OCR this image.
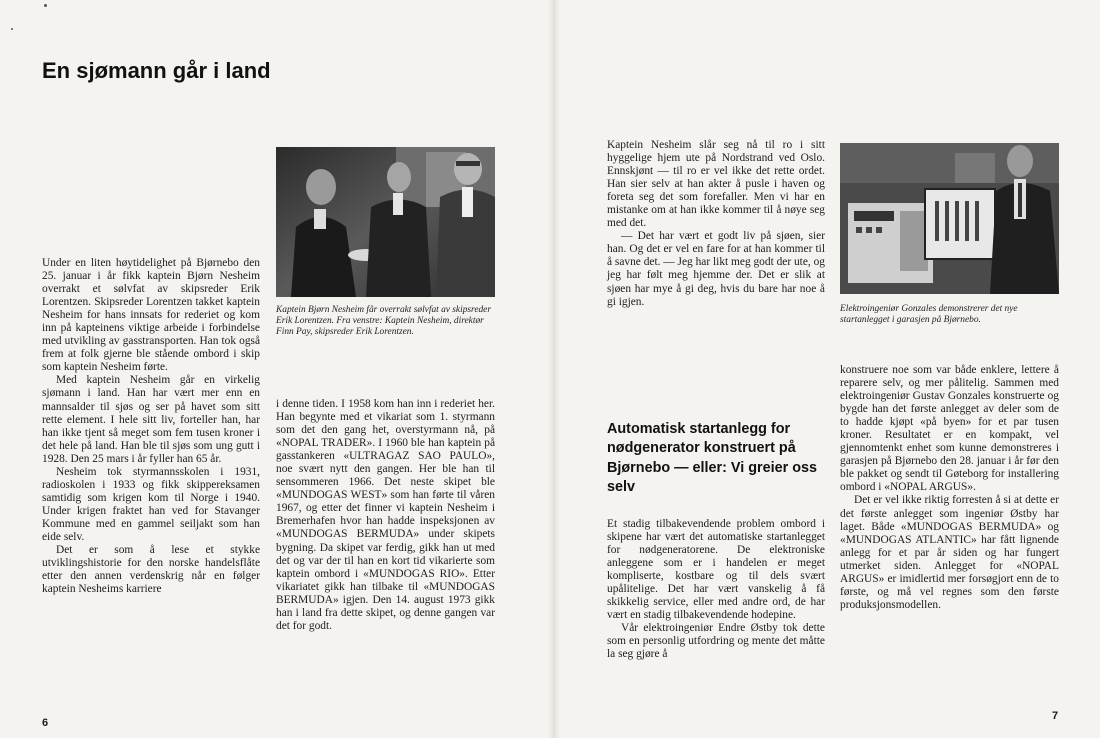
En sjømann går i land

Kaptein Bjørn Nesheim får overrakt sølvfat av skipsreder Erik Lorentzen. Fra venstre: Kaptein Nesheim, direktør Finn Pay, skipsreder Erik Lorentzen.

Under en liten høytidelighet på Bjørnebo den 25. januar i år fikk kaptein Bjørn Nesheim overrakt et sølvfat av skipsreder Erik Lorentzen. Skipsreder Lorentzen takket kaptein Nesheim for hans innsats for rederiet og kom inn på kapteinens viktige arbeide i forbindelse med utvikling av gasstransporten. Han tok også frem at folk gjerne ble stående ombord i skip som kaptein Nesheim førte.

Med kaptein Nesheim går en virkelig sjømann i land. Han har vært mer enn en mannsalder til sjøs og ser på havet som sitt rette element. I hele sitt liv, forteller han, har han ikke tjent så meget som fem tusen kroner i det hele på land. Han ble til sjøs som ung gutt i 1928. Den 25 mars i år fyller han 65 år.

Nesheim tok styrmannsskolen i 1931, radioskolen i 1933 og fikk skippereksamen samtidig som krigen kom til Norge i 1940. Under krigen fraktet han ved for Stavanger Kommune med en gammel seiljakt som han eide selv.

Det er som å lese et stykke utviklingshistorie for den norske handelsflåte etter den annen verdenskrig når en følger kaptein Nesheims karriere

i denne tiden. I 1958 kom han inn i rederiet her. Han begynte med et vikariat som 1. styrmann som det den gang het, overstyrmann nå, på «NOPAL TRADER». I 1960 ble han kaptein på gasstankeren «ULTRAGAZ SAO PAULO», noe svært nytt den gangen. Her ble han til sensommeren 1966. Det neste skipet ble «MUNDOGAS WEST» som han førte til våren 1967, og etter det finner vi kaptein Nesheim i Bremerhafen hvor han hadde inspeksjonen av «MUNDOGAS BERMUDA» under skipets bygning. Da skipet var ferdig, gikk han ut med det og var der til han en kort tid vikarierte som kaptein ombord i «MUNDOGAS RIO». Etter vikariatet gikk han tilbake til «MUNDOGAS BERMUDA» igjen. Den 14. august 1973 gikk han i land fra dette skipet, og denne gangen var det for godt.

6

Kaptein Nesheim slår seg nå til ro i sitt hyggelige hjem ute på Nordstrand ved Oslo. Ennskjønt — til ro er vel ikke det rette ordet. Han sier selv at han akter å pusle i haven og foreta seg det som forefaller. Men vi har en mistanke om at han ikke kommer til å nøye seg med det.

— Det har vært et godt liv på sjøen, sier han. Og det er vel en fare for at han kommer til å savne det. — Jeg har likt meg godt der ute, og jeg har følt meg hjemme der. Det er slik at sjøen har mye å gi deg, hvis du bare har noe å gi igjen.

Automatisk startanlegg for nødgenerator konstruert på Bjørnebo — eller: Vi greier oss selv

Et stadig tilbakevendende problem ombord i skipene har vært det automatiske startanlegget for nødgeneratorene. De elektroniske anleggene som er i handelen er meget kompliserte, kostbare og til dels svært upålitelige. Det har vært vanskelig å få skikkelig service, eller med andre ord, de har vært en stadig tilbakevendende hodepine.

Vår elektroingeniør Endre Østby tok dette som en personlig utfordring og mente det måtte la seg gjøre å

Elektroingeniør Gonzales demonstrerer det nye startanlegget i garasjen på Bjørnebo.

konstruere noe som var både enklere, lettere å reparere selv, og mer pålitelig. Sammen med elektroingeniør Gustav Gonzales konstruerte og bygde han det første anlegget av deler som de to hadde kjøpt «på byen» for et par tusen kroner. Resultatet er en kompakt, vel gjennomtenkt enhet som kunne demonstreres i garasjen på Bjørnebo den 28. januar i år før den ble pakket og sendt til Gøteborg for installering ombord i «NOPAL ARGUS».

Det er vel ikke riktig forresten å si at dette er det første anlegget som ingeniør Østby har laget. Både «MUNDOGAS BERMUDA» og «MUNDOGAS ATLANTIC» har fått lignende anlegg for et par år siden og har fungert utmerket siden. Anlegget for «NOPAL ARGUS» er imidlertid mer forsøgjort enn de to første, og må vel regnes som den første produksjonsmodellen.

7
